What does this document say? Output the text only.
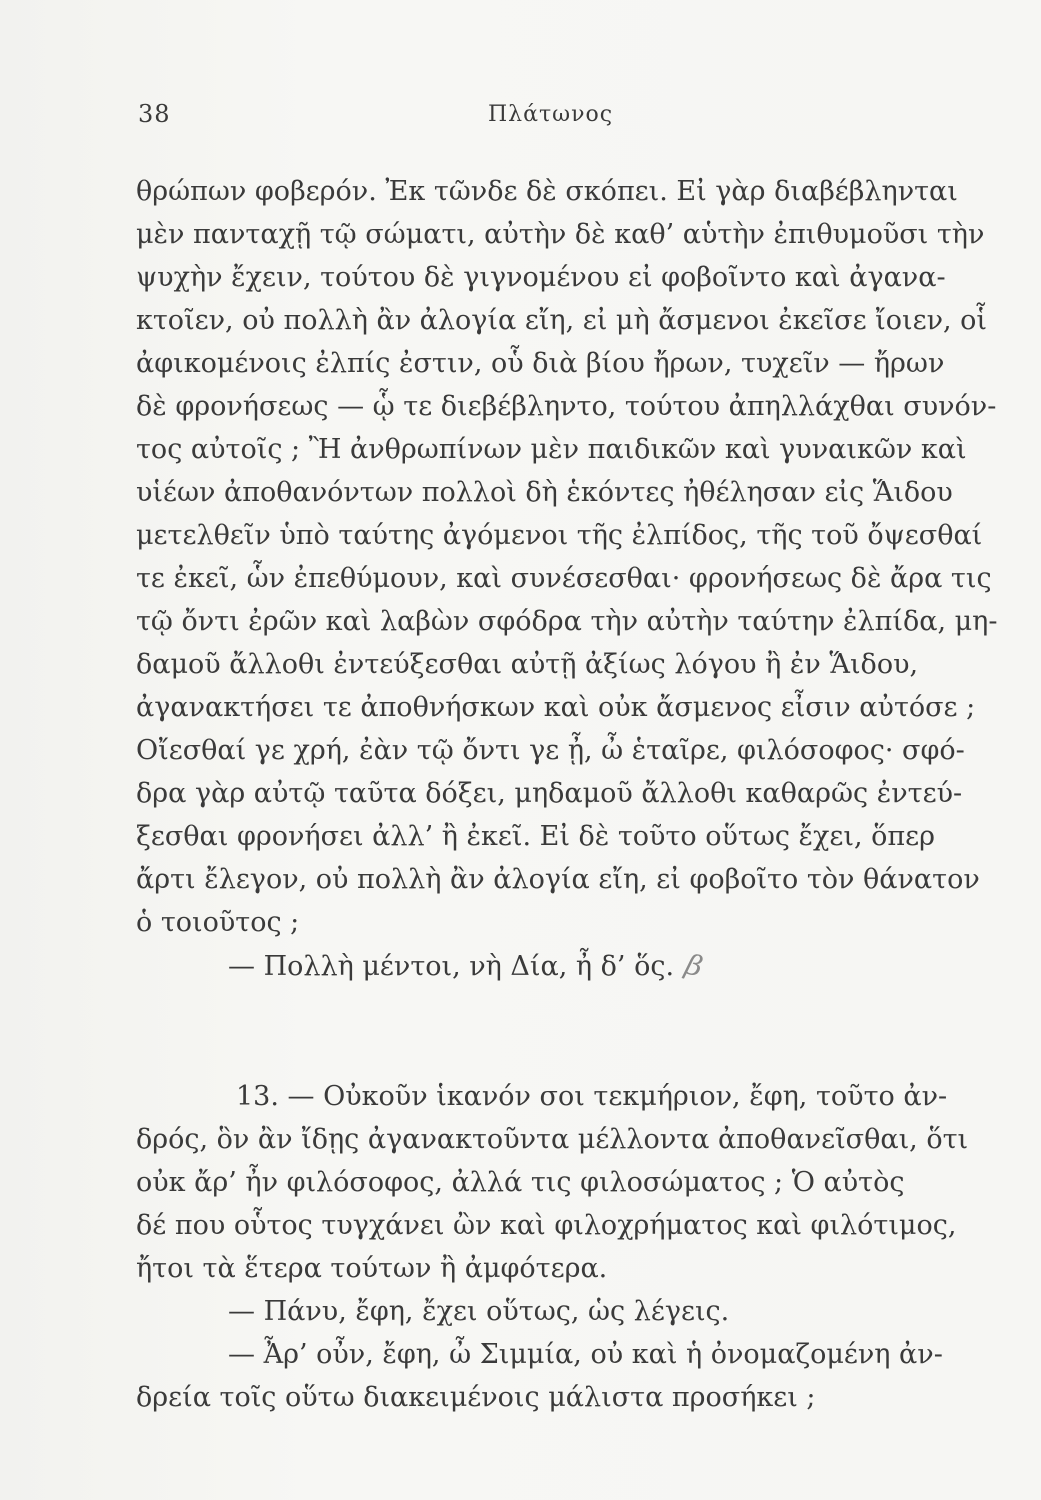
38	Πλάτωνος
θρώπων φοβερόν. Ἐκ τῶνδε δὲ σκόπει. Εἰ γὰρ διαβέβληνται
μὲν πανταχῇ τῷ σώματι, αὐτὴν δὲ καθ’ αὑτὴν ἐπιθυμοῦσι τὴν
ψυχὴν ἔχειν, τούτου δὲ γιγνομένου εἰ φοβοῖντο καὶ ἀγανα-
κτοῖεν, οὐ πολλὴ ἂν ἀλογία εἴη, εἰ μὴ ἄσμενοι ἐκεῖσε ἴοιεν, οἷ
ἀφικομένοις ἐλπίς ἐστιν, οὗ διὰ βίου ἤρων, τυχεῖν — ἤρων
δὲ φρονήσεως — ᾧ τε διεβέβληντο, τούτου ἀπηλλάχθαι συνόν-
τος αὐτοῖς ; Ἢ ἀνθρωπίνων μὲν παιδικῶν καὶ γυναικῶν καὶ
υἱέων ἀποθανόντων πολλοὶ δὴ ἑκόντες ἠθέλησαν εἰς Ἅιδου
μετελθεῖν ὑπὸ ταύτης ἀγόμενοι τῆς ἐλπίδος, τῆς τοῦ ὄψεσθαί
τε ἐκεῖ, ὧν ἐπεθύμουν, καὶ συνέσεσθαι· φρονήσεως δὲ ἄρα τις
τῷ ὄντι ἐρῶν καὶ λαβὼν σφόδρα τὴν αὐτὴν ταύτην ἐλπίδα, μη-
δαμοῦ ἄλλοθι ἐντεύξεσθαι αὐτῇ ἀξίως λόγου ἢ ἐν Ἅιδου,
ἀγανακτήσει τε ἀποθνήσκων καὶ οὐκ ἄσμενος εἶσιν αὐτόσε ;
Οἴεσθαί γε χρή, ἐὰν τῷ ὄντι γε ᾖ, ὦ ἑταῖρε, φιλόσοφος· σφό-
δρα γὰρ αὐτῷ ταῦτα δόξει, μηδαμοῦ ἄλλοθι καθαρῶς ἐντεύ-
ξεσθαι φρονήσει ἀλλ’ ἢ ἐκεῖ. Εἰ δὲ τοῦτο οὕτως ἔχει, ὅπερ
ἄρτι ἔλεγον, οὐ πολλὴ ἂν ἀλογία εἴη, εἰ φοβοῖτο τὸν θάνατον
ὁ τοιοῦτος ;
— Πολλὴ μέντοι, νὴ Δία, ἦ δ’ ὅς. β
13. — Οὐκοῦν ἱκανόν σοι τεκμήριον, ἔφη, τοῦτο ἀν-
δρός, ὃν ἂν ἴδῃς ἀγανακτοῦντα μέλλοντα ἀποθανεῖσθαι, ὅτι
οὐκ ἄρ’ ἦν φιλόσοφος, ἀλλά τις φιλοσώματος ; Ὁ αὐτὸς
δέ που οὗτος τυγχάνει ὢν καὶ φιλοχρήματος καὶ φιλότιμος,
ἤτοι τὰ ἕτερα τούτων ἢ ἀμφότερα.
— Πάνυ, ἔφη, ἔχει οὕτως, ὡς λέγεις.
— Ἆρ’ οὖν, ἔφη, ὦ Σιμμία, οὐ καὶ ἡ ὀνομαζομένη ἀν-
δρεία τοῖς οὕτω διακειμένοις μάλιστα προσήκει ;
